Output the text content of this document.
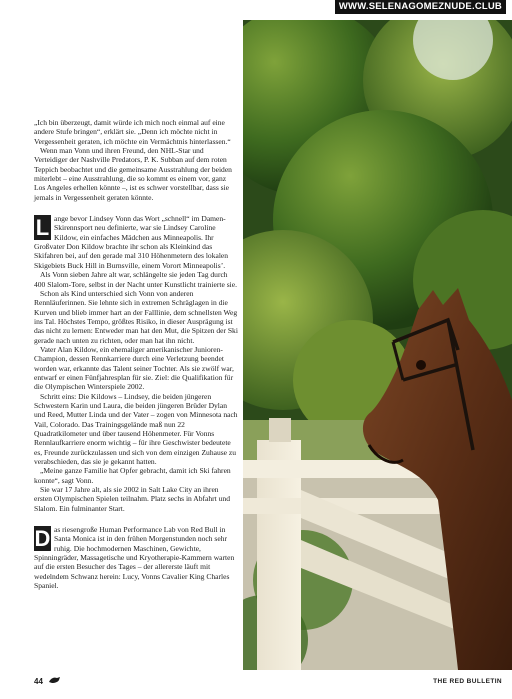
WWW.SELENAGOMEZNUDE.CLUB

„Ich bin überzeugt, damit würde ich mich noch einmal auf eine andere Stufe bringen“, erklärt sie. „Denn ich möchte nicht in Vergessenheit geraten, ich möchte ein Vermächtnis hinterlassen.“

Wenn man Vonn und ihren Freund, den NHL-Star und Verteidiger der Nashville Predators, P. K. Subban auf dem roten Teppich beobachtet und die gemeinsame Ausstrahlung der beiden miterlebt – eine Ausstrahlung, die so kommt es einem vor, ganz Los Angeles erhellen könnte –, ist es schwer vorstellbar, dass sie jemals in Vergessenheit geraten könnte.

L ange bevor Lindsey Vonn das Wort „schnell“ im Damen-Skirennsport neu definierte, war sie Lindsey Caroline Kildow, ein einfaches Mädchen aus Minneapolis. Ihr Großvater Don Kildow brachte ihr schon als Kleinkind das Skifahren bei, auf den gerade mal 310 Höhenmetern des lokalen Skigebiets Buck Hill in Burnsville, einem Vorort Minneapolis’.

Als Vonn sieben Jahre alt war, schlängelte sie jeden Tag durch 400 Slalom-Tore, selbst in der Nacht unter Kunstlicht trainierte sie.

Schon als Kind unterschied sich Vonn von anderen Rennläuferinnen. Sie lehnte sich in extremen Schräglagen in die Kurven und blieb immer hart an der Falllinie, dem schnellsten Weg ins Tal. Höchstes Tempo, größtes Risiko, in dieser Ausprägung ist das nicht zu lernen: Entweder man hat den Mut, die Spitzen der Ski gerade nach unten zu richten, oder man hat ihn nicht.

Vater Alan Kildow, ein ehemaliger amerikanischer Junioren-Champion, dessen Rennkarriere durch eine Verletzung beendet worden war, erkannte das Talent seiner Tochter. Als sie zwölf war, entwarf er einen Fünfjahresplan für sie. Ziel: die Qualifikation für die Olympischen Winterspiele 2002.

Schritt eins: Die Kildows – Lindsey, die beiden jüngeren Schwestern Karin und Laura, die beiden jüngeren Brüder Dylan und Reed, Mutter Linda und der Vater – zogen von Minnesota nach Vail, Colorado. Das Trainingsgelände maß nun 22 Quadratkilometer und über tausend Höhenmeter. Für Vonns Rennlaufkarriere enorm wichtig – für ihre Geschwister bedeutete es, Freunde zurückzulassen und sich von dem einzigen Zuhause zu verabschieden, das sie je gekannt hatten.

„Meine ganze Familie hat Opfer gebracht, damit ich Ski fahren konnte“, sagt Vonn.

Sie war 17 Jahre alt, als sie 2002 in Salt Lake City an ihren ersten Olympischen Spielen teilnahm. Platz sechs in Abfahrt und Slalom. Ein fulminanter Start.

D as riesengroße Human Performance Lab von Red Bull in Santa Monica ist in den frühen Morgenstunden noch sehr ruhig. Die hochmodernen Maschinen, Gewichte, Spinningräder, Massagetische und Kryotherapie-Kammern warten auf die ersten Besucher des Tages – der allererste läuft mit wedelndem Schwanz herein: Lucy, Vonns Cavalier King Charles Spaniel.

44	THE RED BULLETIN
